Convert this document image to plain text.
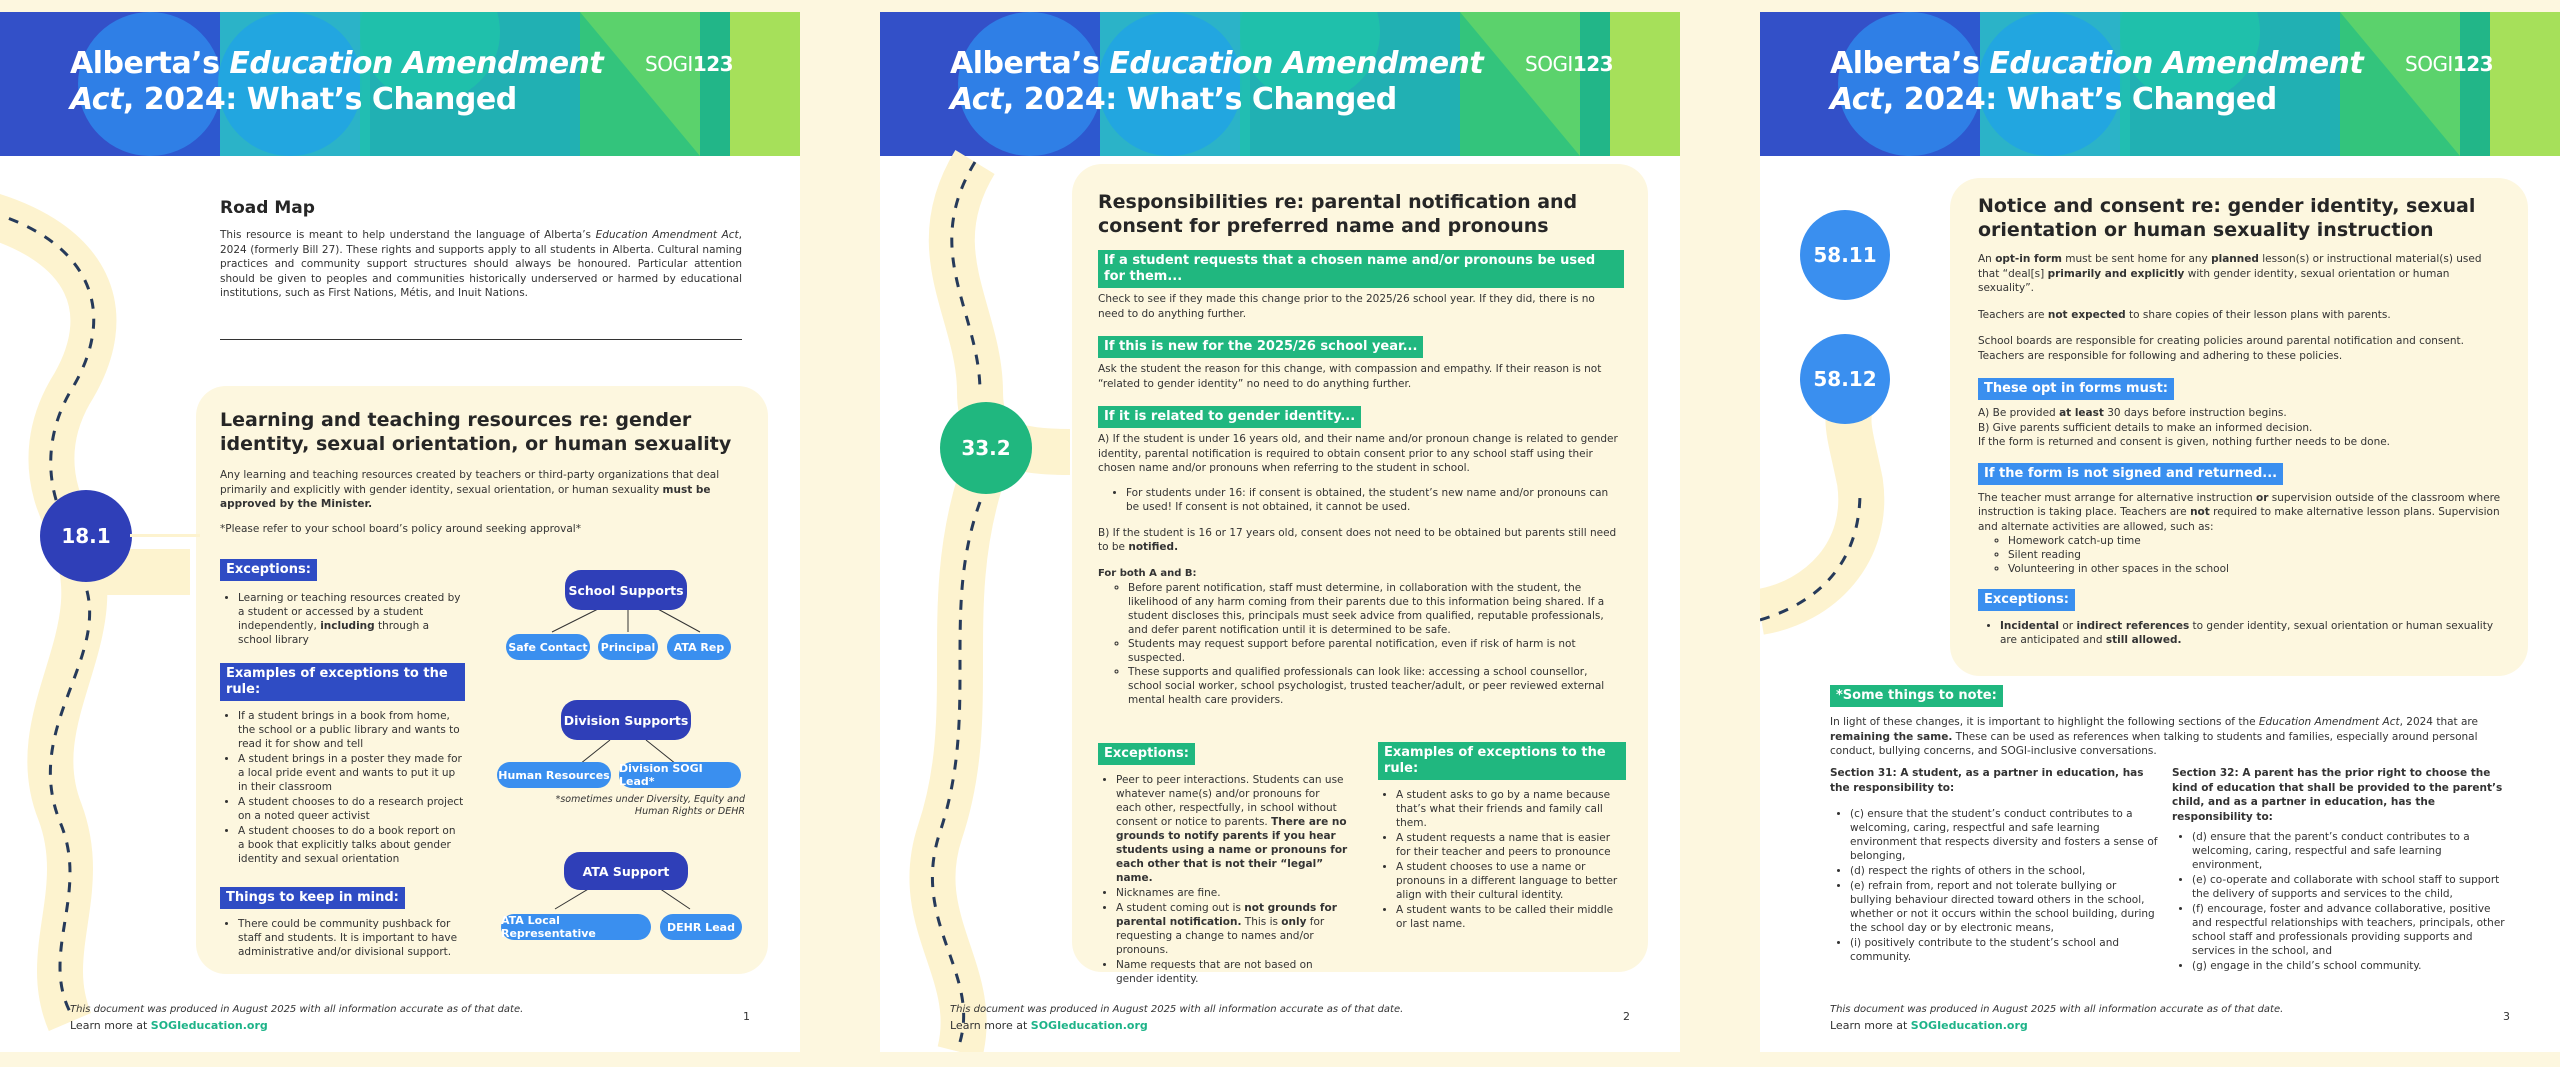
Alberta’s Education Amendment Act, 2024: What’s Changed
SOGI123
Road Map

This resource is meant to help understand the language of Alberta’s Education Amendment Act, 2024 (formerly Bill 27). These rights and supports apply to all students in Alberta. Cultural naming practices and community support structures should always be honoured. Particular attention should be given to peoples and communities historically underserved or harmed by educational institutions, such as First Nations, Métis, and Inuit Nations.

18.1
Learning and teaching resources re: gender identity, sexual orientation, or human sexuality

Any learning and teaching resources created by teachers or third-party organizations that deal primarily and explicitly with gender identity, sexual orientation, or human sexuality must be approved by the Minister.

*Please refer to your school board’s policy around seeking approval*

Exceptions:
• Learning or teaching resources created by a student or accessed by a student independently, including through a school library
Examples of exceptions to the rule:
• If a student brings in a book from home, the school or a public library and wants to read it for show and tell
• A student brings in a poster they made for a local pride event and wants to put it up in their classroom
• A student chooses to do a research project on a noted queer activist
• A student chooses to do a book report on a book that explicitly talks about gender identity and sexual orientation
Things to keep in mind:
• There could be community pushback for staff and students. It is important to have administrative and/or divisional support.
School Supports
Safe Contact Principal	ATA Rep
Division Supports
Human Resources Division SOGI Lead*
*sometimes under Diversity, Equity and Human Rights or DEHR
ATA Support
ATA Local Representative	DEHR Lead
This document was produced in August 2025 with all information accurate as of that date.
Learn more at SOGIeducation.org
1
Alberta’s Education Amendment Act, 2024: What’s Changed
SOGI123
33.2
Responsibilities re: parental notification and consent for preferred name and pronouns
If a student requests that a chosen name and/or pronouns be used for them...

Check to see if they made this change prior to the 2025/26 school year. If they did, there is no need to do anything further.

If this is new for the 2025/26 school year...

Ask the student the reason for this change, with compassion and empathy. If their reason is not “related to gender identity” no need to do anything further.

If it is related to gender identity...

A) If the student is under 16 years old, and their name and/or pronoun change is related to gender identity, parental notification is required to obtain consent prior to any school staff using their chosen name and/or pronouns when referring to the student in school.

• For students under 16: if consent is obtained, the student’s new name and/or pronouns can be used! If consent is not obtained, it cannot be used.

B) If the student is 16 or 17 years old, consent does not need to be obtained but parents still need to be notified.

For both A and B:

◦ Before parent notification, staff must determine, in collaboration with the student, the likelihood of any harm coming from their parents due to this information being shared. If a student discloses this, principals must seek advice from qualified, reputable professionals, and defer parent notification until it is determined to be safe.
◦ Students may request support before parental notification, even if risk of harm is not suspected.
◦ These supports and qualified professionals can look like: accessing a school counsellor, school social worker, school psychologist, trusted teacher/adult, or peer reviewed external mental health care providers.
Exceptions:
• Peer to peer interactions. Students can use whatever name(s) and/or pronouns for each other, respectfully, in school without consent or notice to parents. There are no grounds to notify parents if you hear students using a name or pronouns for each other that is not their “legal” name.
• Nicknames are fine.
• A student coming out is not grounds for parental notification. This is only for requesting a change to names and/or pronouns.
• Name requests that are not based on gender identity.
Examples of exceptions to the rule:
• A student asks to go by a name because that’s what their friends and family call them.
• A student requests a name that is easier for their teacher and peers to pronounce
• A student chooses to use a name or pronouns in a different language to better align with their cultural identity.
• A student wants to be called their middle or last name.
This document was produced in August 2025 with all information accurate as of that date.
Learn more at SOGIeducation.org
2
Alberta’s Education Amendment Act, 2024: What’s Changed
SOGI123
58.11
58.12
Notice and consent re: gender identity, sexual orientation or human sexuality instruction

An opt-in form must be sent home for any planned lesson(s) or instructional material(s) used that “deal[s] primarily and explicitly with gender identity, sexual orientation or human sexuality”.

Teachers are not expected to share copies of their lesson plans with parents.

School boards are responsible for creating policies around parental notification and consent. Teachers are responsible for following and adhering to these policies.

These opt in forms must:

A) Be provided at least 30 days before instruction begins.

B) Give parents sufficient details to make an informed decision.

If the form is returned and consent is given, nothing further needs to be done.

If the form is not signed and returned...

The teacher must arrange for alternative instruction or supervision outside of the classroom where instruction is taking place. Teachers are not required to make alternative lesson plans. Supervision and alternate activities are allowed, such as:

◦ Homework catch-up time
◦ Silent reading
◦ Volunteering in other spaces in the school
Exceptions:
• Incidental or indirect references to gender identity, sexual orientation or human sexuality are anticipated and still allowed.
*Some things to note:

In light of these changes, it is important to highlight the following sections of the Education Amendment Act, 2024 that are remaining the same. These can be used as references when talking to students and families, especially around personal conduct, bullying concerns, and SOGI-inclusive conversations.

Section 31: A student, as a partner in education, has the responsibility to:

• (c) ensure that the student’s conduct contributes to a welcoming, caring, respectful and safe learning environment that respects diversity and fosters a sense of belonging,
• (d) respect the rights of others in the school,
• (e) refrain from, report and not tolerate bullying or bullying behaviour directed toward others in the school, whether or not it occurs within the school building, during the school day or by electronic means,
• (i) positively contribute to the student’s school and community.

Section 32: A parent has the prior right to choose the kind of education that shall be provided to the parent’s child, and as a partner in education, has the responsibility to:

• (d) ensure that the parent’s conduct contributes to a welcoming, caring, respectful and safe learning environment,
• (e) co-operate and collaborate with school staff to support the delivery of supports and services to the child,
• (f) encourage, foster and advance collaborative, positive and respectful relationships with teachers, principals, other school staff and professionals providing supports and services in the school, and
• (g) engage in the child’s school community.
This document was produced in August 2025 with all information accurate as of that date.
Learn more at SOGIeducation.org
3
